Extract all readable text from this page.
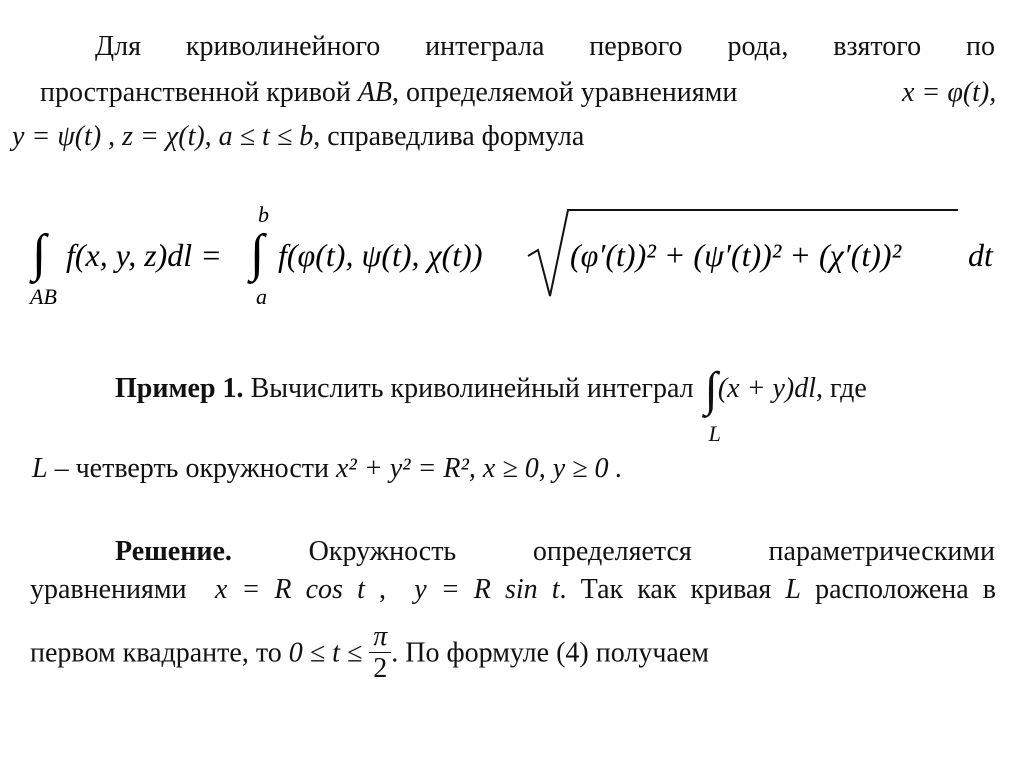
Для криволинейного интеграла первого рода, взятого по
пространственной кривой AB, определяемой уравнениями	x = φ(t),
y = ψ(t) , z = χ(t), a ≤ t ≤ b, справедлива формула
∫
AB
f(x, y, z)dl = ∫
b
a
f(φ(t), ψ(t), χ(t))	(φ′(t))² + (ψ′(t))² + (χ′(t))² dt
Пример 1. Вычислить криволинейный интеграл ∫
L
(x + y)dl, где
L – четверть окружности x² + y² = R², x ≥ 0, y ≥ 0 .
Решение.	Окружность определяется параметрическими
уравнениями x = R cos t ,  y = R sin t. Так как кривая L расположена в
первом квадранте, то $0 \le t \le \frac{\pi}{2}$ . По формуле (4) получаем
